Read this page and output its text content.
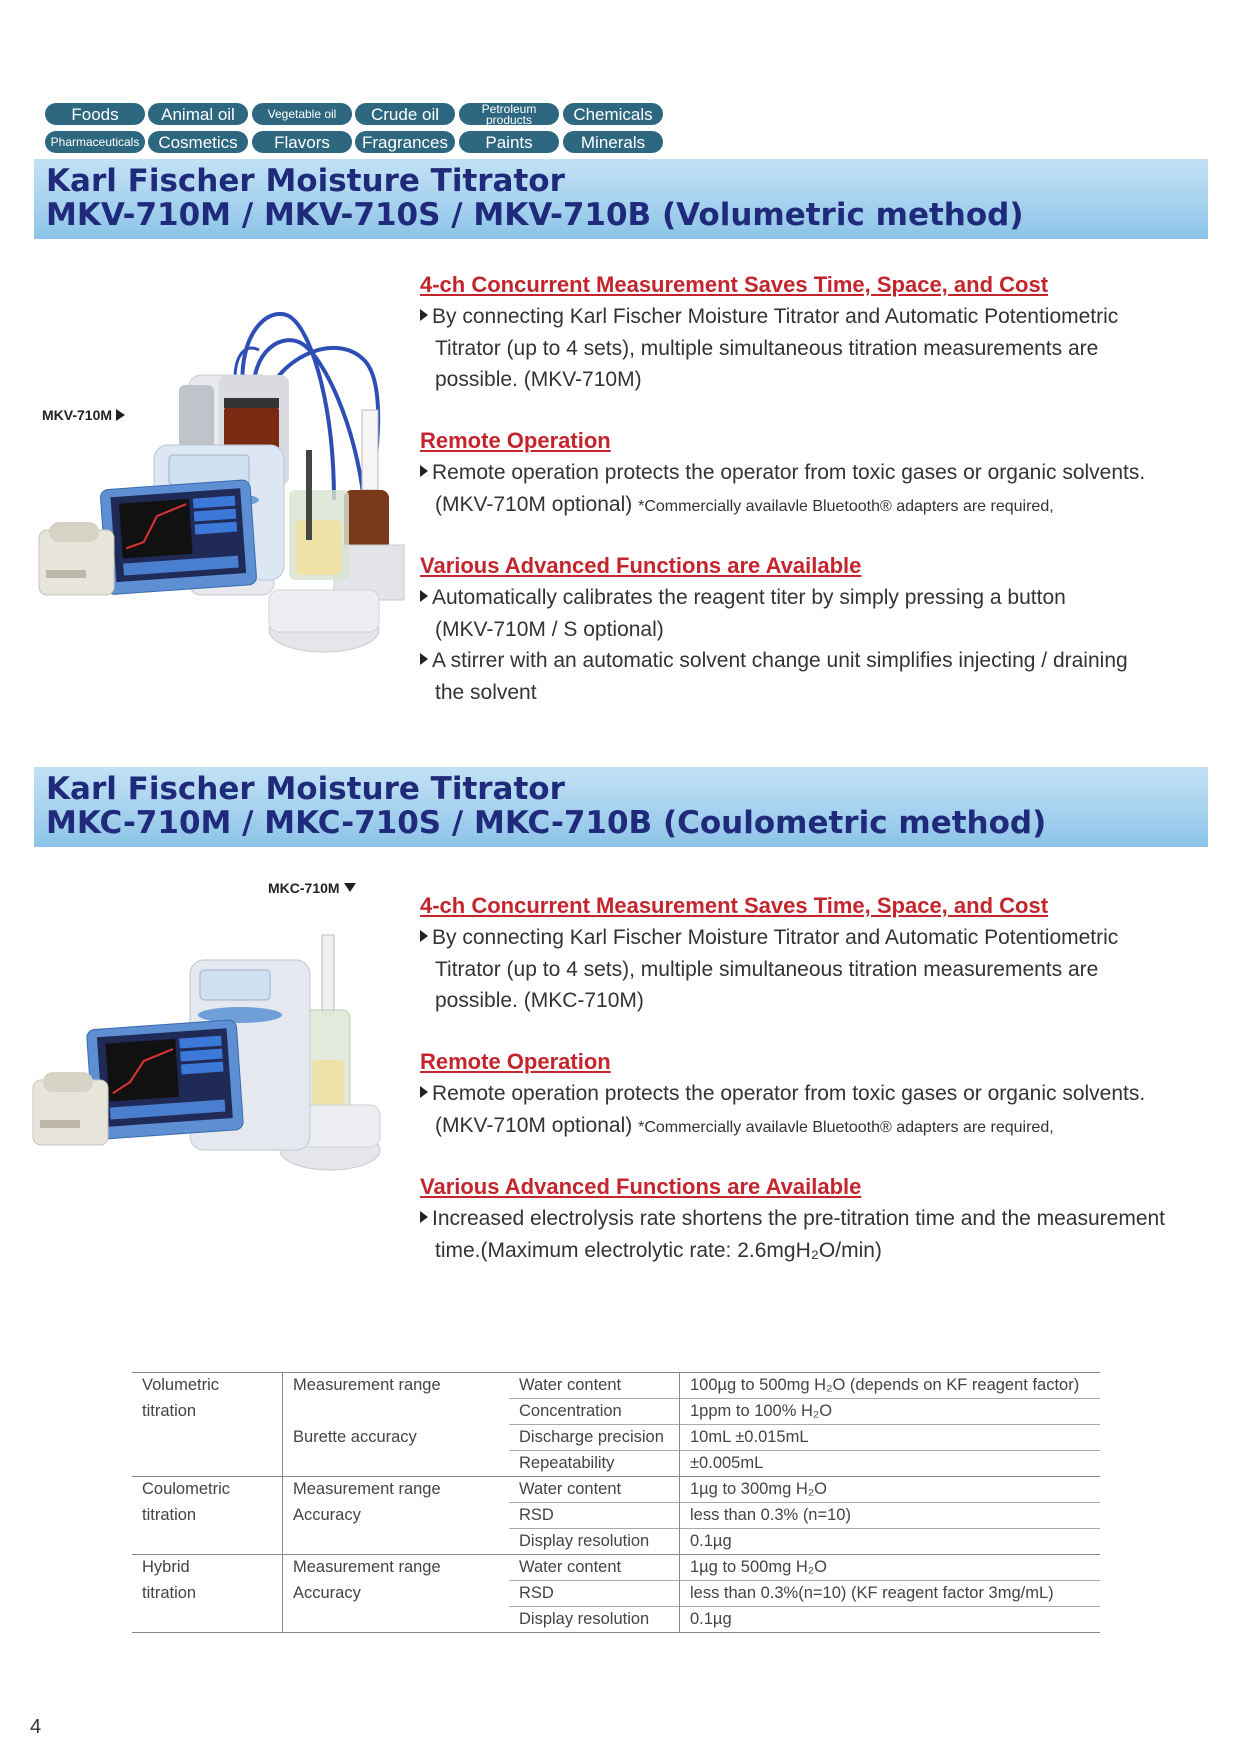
Foods	Animal oil	Vegetable oil	Crude oil	Petroleum products	Chemicals
Pharmaceuticals	Cosmetics	Flavors	Fragrances	Paints	Minerals
Karl Fischer Moisture Titrator
MKV-710M / MKV-710S / MKV-710B (Volumetric method)
MKV-710M
4-ch Concurrent Measurement Saves Time, Space, and Cost
By connecting Karl Fischer Moisture Titrator and Automatic Potentiometric
Titrator (up to 4 sets), multiple simultaneous titration measurements are
possible. (MKV-710M)
Remote Operation
Remote operation protects the operator from toxic gases or organic solvents.
(MKV-710M optional) *Commercially availavle Bluetooth® adapters are required,
Various Advanced Functions are Available
Automatically calibrates the reagent titer by simply pressing a button
(MKV-710M / S optional)
A stirrer with an automatic solvent change unit simplifies injecting / draining
the solvent
Karl Fischer Moisture Titrator
MKC-710M / MKC-710S / MKC-710B (Coulometric method)
MKC-710M
4-ch Concurrent Measurement Saves Time, Space, and Cost
By connecting Karl Fischer Moisture Titrator and Automatic Potentiometric
Titrator (up to 4 sets), multiple simultaneous titration measurements are
possible. (MKC-710M)
Remote Operation
Remote operation protects the operator from toxic gases or organic solvents.
(MKV-710M optional) *Commercially availavle Bluetooth® adapters are required,
Various Advanced Functions are Available
Increased electrolysis rate shortens the pre-titration time and the measurement
time.(Maximum electrolytic rate: 2.6mgH₂O/min)
Volumetric	Measurement range	Water content	100µg to 500mg H₂O (depends on KF reagent factor)
titration		Concentration	1ppm to 100% H₂O
	Burette accuracy	Discharge precision	10mL ±0.015mL
		Repeatability	±0.005mL
Coulometric	Measurement range	Water content	1µg to 300mg H₂O
titration	Accuracy	RSD	less than 0.3% (n=10)
		Display resolution	0.1µg
Hybrid	Measurement range	Water content	1µg to 500mg H₂O
titration	Accuracy	RSD	less than 0.3%(n=10) (KF reagent factor 3mg/mL)
		Display resolution	0.1µg
4
